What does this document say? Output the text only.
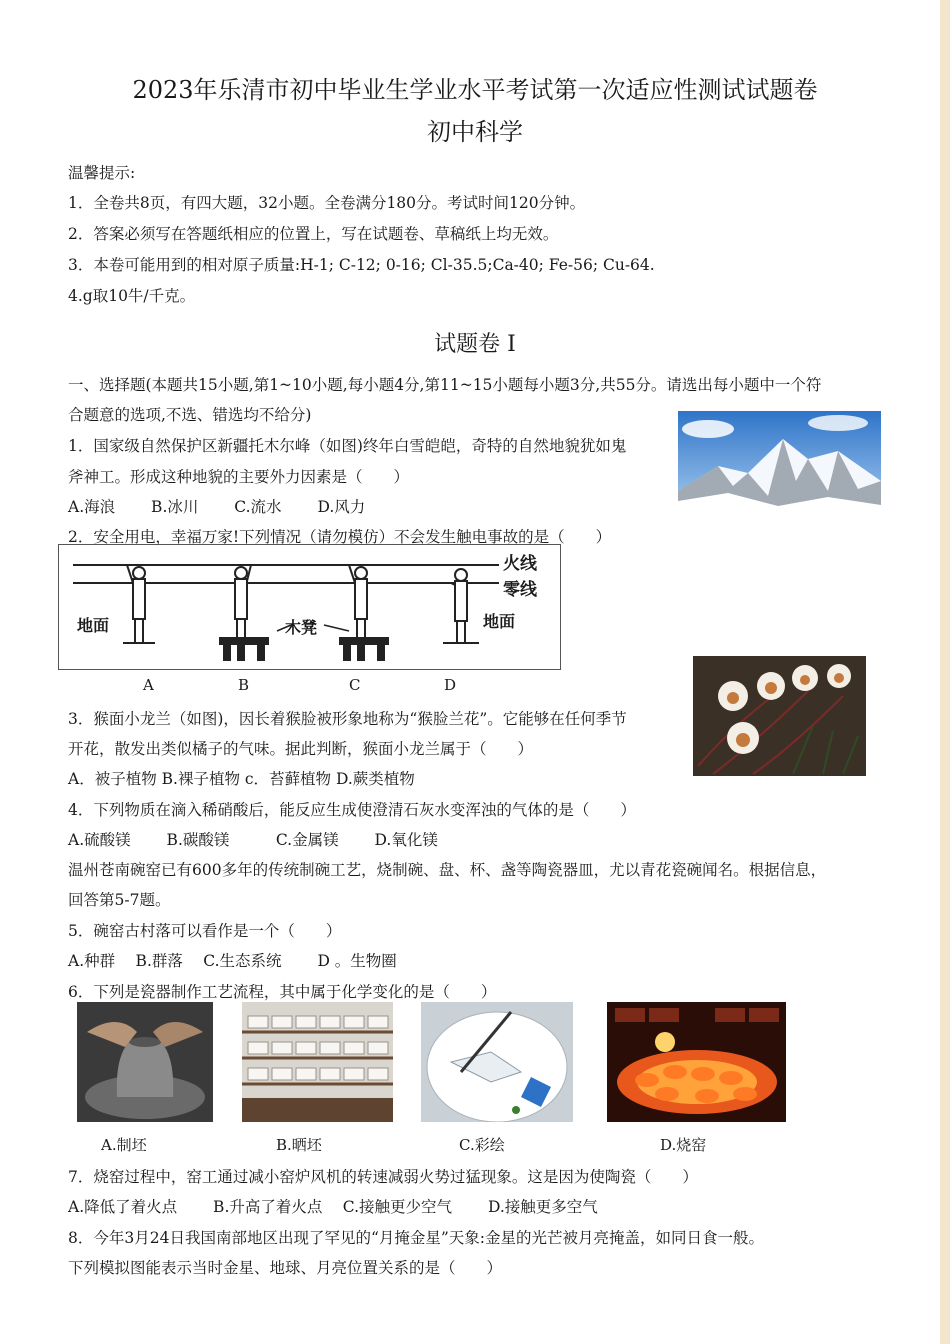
2023年乐清市初中毕业生学业水平考试第一次适应性测试试题卷
初中科学
温馨提示:
1．全卷共8页，有四大题，32小题。全卷满分180分。考试时间120分钟。
2．答案必须写在答题纸相应的位置上，写在试题卷、草稿纸上均无效。
3．本卷可能用到的相对原子质量:H-1; C-12; 0-16; Cl-35.5;Ca-40; Fe-56; Cu-64.
4.g取10牛/千克。
试题卷 I
一、选择题(本题共15小题,第1~10小题,每小题4分,第11~15小题每小题3分,共55分。请选出每小题中一个符
合题意的选项,不选、错选均不给分)
1．国家级自然保护区新疆托木尔峰（如图)终年白雪皑皑，奇特的自然地貌犹如鬼
斧神工。形成这种地貌的主要外力因素是（　　）
A.海浪　　 B.冰川　　 C.流水　　 D.风力
2．安全用电，幸福万家!下列情况（请勿模仿）不会发生触电事故的是（　　）
火线
零线
地面	木凳	地面
A	B	C	D
3．猴面小龙兰（如图)，因长着猴脸被形象地称为“猴脸兰花”。它能够在任何季节
开花，散发出类似橘子的气味。据此判断，猴面小龙兰属于（　　）
A．被子植物 B.裸子植物 c．苔藓植物 D.蕨类植物
4．下列物质在滴入稀硝酸后，能反应生成使澄清石灰水变浑浊的气体的是（　　）
A.硫酸镁　　 B.碳酸镁　　　C.金属镁　　 D.氧化镁
温州苍南碗窑已有600多年的传统制碗工艺，烧制碗、盘、杯、盏等陶瓷器皿，尤以青花瓷碗闻名。根据信息，
回答第5-7题。
5．碗窑古村落可以看作是一个（　　）
A.种群　 B.群落　 C.生态系统　　 D 。生物圈
6．下列是瓷器制作工艺流程，其中属于化学变化的是（　　）
A.制坯	B.晒坯	C.彩绘	D.烧窑
7．烧窑过程中，窑工通过减小窑炉风机的转速减弱火势过猛现象。这是因为使陶瓷（　　）
A.降低了着火点　　 B.升高了着火点　 C.接触更少空气　　 D.接触更多空气
8．今年3月24日我国南部地区出现了罕见的“月掩金星”天象:金星的光芒被月亮掩盖，如同日食一般。
下列模拟图能表示当时金星、地球、月亮位置关系的是（　　）
